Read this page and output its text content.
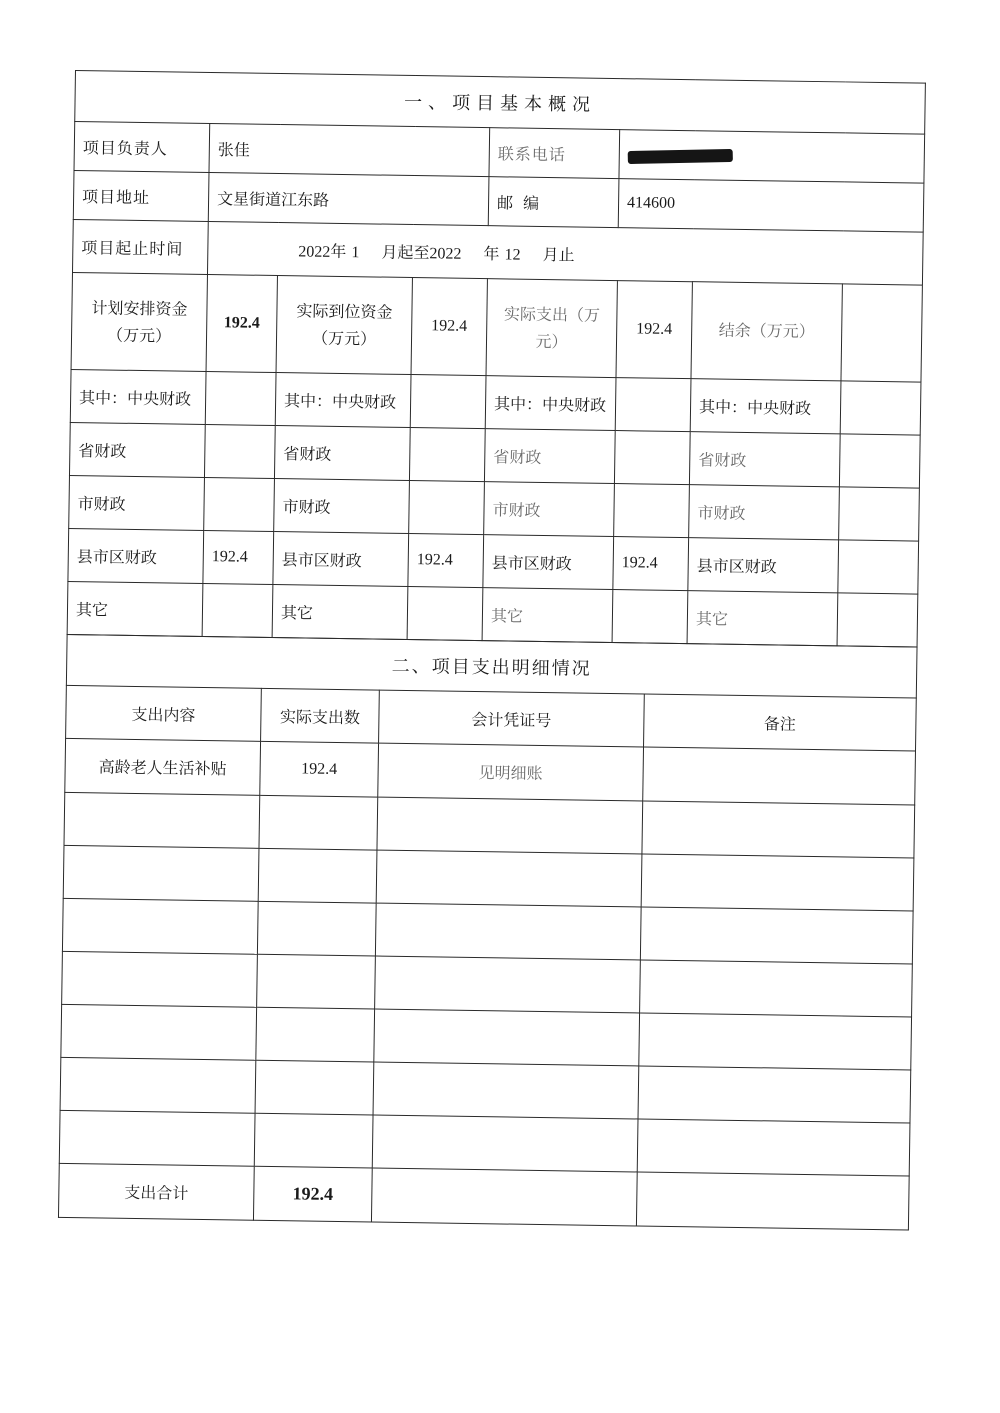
一、项目基本概况							
项目负责人	张佳			联系电话			
项目地址	文星街道江东路			邮编	414600		
项目起止时间	2022年 1 月起至2022 年 12 月止						
计划安排资金（万元）	192.4	实际到位资金（万元）	192.4	实际支出（万元）	192.4	结余（万元）	
其中：中央财政		其中：中央财政		其中：中央财政		其中：中央财政	
省财政		省财政		省财政		省财政	
市财政		市财政		市财政		市财政	
县市区财政	192.4	县市区财政	192.4	县市区财政	192.4	县市区财政	
其它		其它		其它		其它	
二、项目支出明细情况			
支出内容	实际支出数	会计凭证号	备注
高龄老人生活补贴	192.4	见明细账	

支出合计	192.4		
